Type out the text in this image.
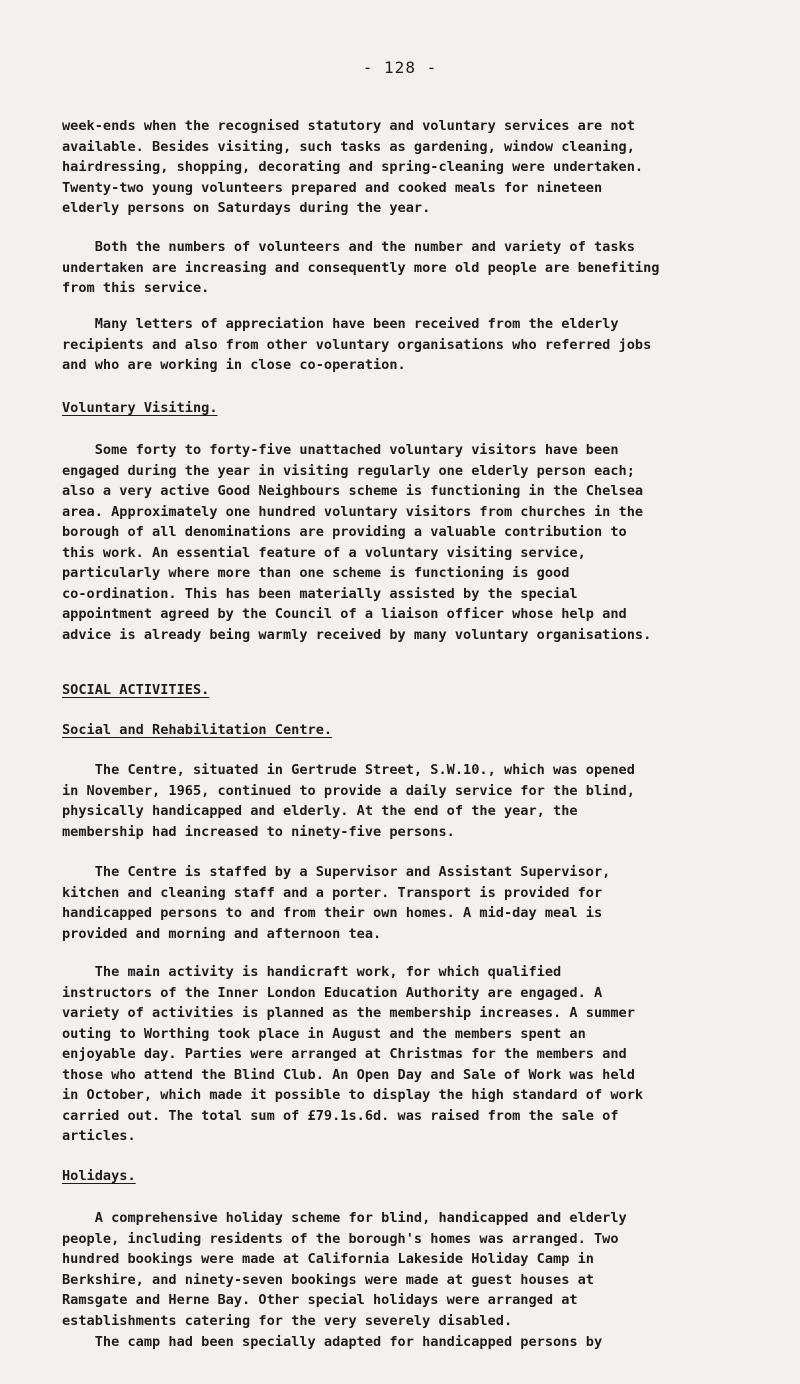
- 128 -
week-ends when the recognised statutory and voluntary services are not
available. Besides visiting, such tasks as gardening, window cleaning,
hairdressing, shopping, decorating and spring-cleaning were undertaken.
Twenty-two young volunteers prepared and cooked meals for nineteen
elderly persons on Saturdays during the year.
Both the numbers of volunteers and the number and variety of tasks
undertaken are increasing and consequently more old people are benefiting
from this service.
Many letters of appreciation have been received from the elderly
recipients and also from other voluntary organisations who referred jobs
and who are working in close co-operation.
Voluntary Visiting.
Some forty to forty-five unattached voluntary visitors have been
engaged during the year in visiting regularly one elderly person each;
also a very active Good Neighbours scheme is functioning in the Chelsea
area. Approximately one hundred voluntary visitors from churches in the
borough of all denominations are providing a valuable contribution to
this work. An essential feature of a voluntary visiting service,
particularly where more than one scheme is functioning is good
co-ordination. This has been materially assisted by the special
appointment agreed by the Council of a liaison officer whose help and
advice is already being warmly received by many voluntary organisations.
SOCIAL ACTIVITIES.
Social and Rehabilitation Centre.
The Centre, situated in Gertrude Street, S.W.10., which was opened
in November, 1965, continued to provide a daily service for the blind,
physically handicapped and elderly. At the end of the year, the
membership had increased to ninety-five persons.
The Centre is staffed by a Supervisor and Assistant Supervisor,
kitchen and cleaning staff and a porter. Transport is provided for
handicapped persons to and from their own homes. A mid-day meal is
provided and morning and afternoon tea.
The main activity is handicraft work, for which qualified
instructors of the Inner London Education Authority are engaged. A
variety of activities is planned as the membership increases. A summer
outing to Worthing took place in August and the members spent an
enjoyable day. Parties were arranged at Christmas for the members and
those who attend the Blind Club. An Open Day and Sale of Work was held
in October, which made it possible to display the high standard of work
carried out. The total sum of £79.1s.6d. was raised from the sale of
articles.
Holidays.
A comprehensive holiday scheme for blind, handicapped and elderly
people, including residents of the borough's homes was arranged. Two
hundred bookings were made at California Lakeside Holiday Camp in
Berkshire, and ninety-seven bookings were made at guest houses at
Ramsgate and Herne Bay. Other special holidays were arranged at
establishments catering for the very severely disabled.
The camp had been specially adapted for handicapped persons by
